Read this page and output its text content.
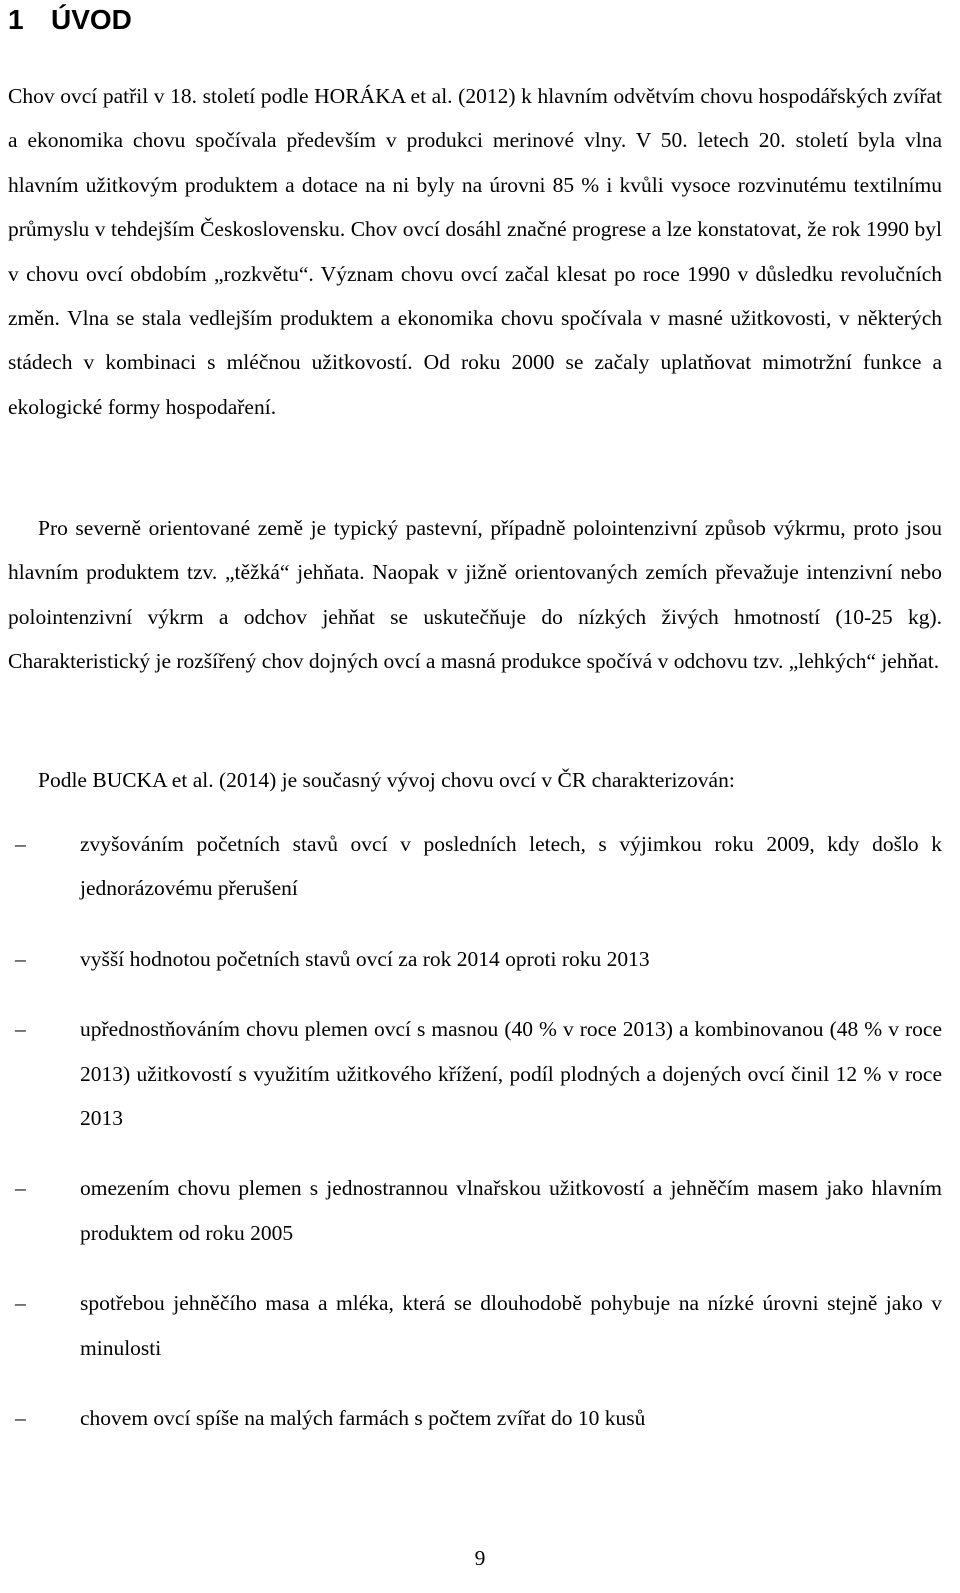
1 ÚVOD

Chov ovcí patřil v 18. století podle HORÁKA et al. (2012) k hlavním odvětvím chovu hospodářských zvířat a ekonomika chovu spočívala především v produkci merinové vlny. V 50. letech 20. století byla vlna hlavním užitkovým produktem a dotace na ni byly na úrovni 85 % i kvůli vysoce rozvinutému textilnímu průmyslu v tehdejším Československu. Chov ovcí dosáhl značné progrese a lze konstatovat, že rok 1990 byl v chovu ovcí obdobím „rozkvětu“. Význam chovu ovcí začal klesat po roce 1990 v důsledku revolučních změn. Vlna se stala vedlejším produktem a ekonomika chovu spočívala v masné užitkovosti, v některých stádech v kombinaci s mléčnou užitkovostí. Od roku 2000 se začaly uplatňovat mimotržní funkce a ekologické formy hospodaření.

Pro severně orientované země je typický pastevní, případně polointenzivní způsob výkrmu, proto jsou hlavním produktem tzv. „těžká“ jehňata. Naopak v jižně orientovaných zemích převažuje intenzivní nebo polointenzivní výkrm a odchov jehňat se uskutečňuje do nízkých živých hmotností (10-25 kg). Charakteristický je rozšířený chov dojných ovcí a masná produkce spočívá v odchovu tzv. „lehkých“ jehňat.

Podle BUCKA et al. (2014) je současný vývoj chovu ovcí v ČR charakterizován:

–	zvyšováním početních stavů ovcí v posledních letech, s výjimkou roku 2009, kdy došlo k jednorázovému přerušení
–	vyšší hodnotou početních stavů ovcí za rok 2014 oproti roku 2013
–	upřednostňováním chovu plemen ovcí s masnou (40 % v roce 2013) a kombinovanou (48 % v roce 2013) užitkovostí s využitím užitkového křížení, podíl plodných a dojených ovcí činil 12 % v roce 2013
–	omezením chovu plemen s jednostrannou vlnařskou užitkovostí a jehněčím masem jako hlavním produktem od roku 2005
–	spotřebou jehněčího masa a mléka, která se dlouhodobě pohybuje na nízké úrovni stejně jako v minulosti
–	chovem ovcí spíše na malých farmách s počtem zvířat do 10 kusů
9
